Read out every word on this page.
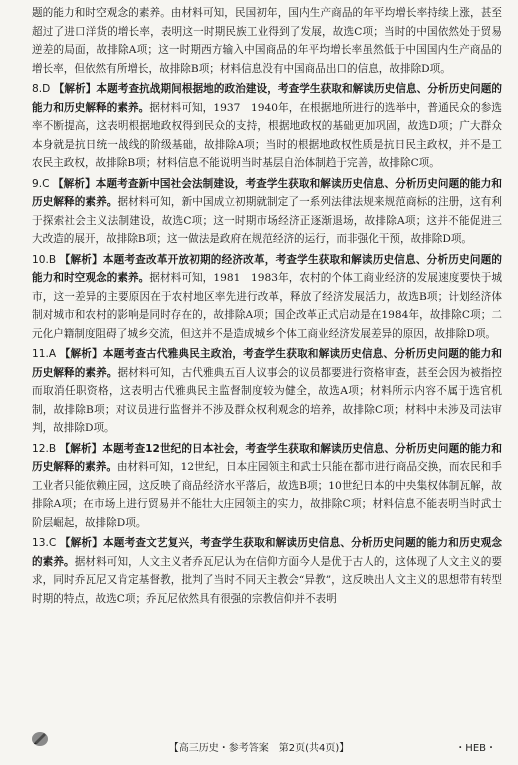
题的能力和时空观念的素养。由材料可知，民国初年，国内生产商品的年平均增长率持续上涨，甚至超过了进口洋货的增长率，表明这一时期民族工业得到了发展，故选C项；当时的中国依然处于贸易逆差的局面，故排除A项；这一时期西方输入中国商品的年平均增长率虽然低于中国国内生产商品的增长率，但依然有所增长，故排除B项；材料信息没有中国商品出口的信息，故排除D项。

8.D 【解析】本题考查抗战期间根据地的政治建设，考查学生获取和解读历史信息、分析历史问题的能力和历史解释的素养。据材料可知，1937　1940年，在根据地所进行的选举中，普通民众的参选率不断提高，这表明根据地政权得到民众的支持，根据地政权的基础更加巩固，故选D项；广大群众本身就是抗日统一战线的阶级基础，故排除A项；当时的根据地政权性质是抗日民主政权，并不是工农民主政权，故排除B项；材料信息不能说明当时基层自治体制趋于完善，故排除C项。

9.C 【解析】本题考查新中国社会法制建设，考查学生获取和解读历史信息、分析历史问题的能力和历史解释的素养。据材料可知，新中国成立初期就制定了一系列法律法规来规范商标的注册，这有利于探索社会主义法制建设，故选C项；这一时期市场经济正逐渐退场，故排除A项；这并不能促进三大改造的展开，故排除B项；这一做法是政府在规范经济的运行，而非强化干预，故排除D项。

10.B 【解析】本题考查改革开放初期的经济改革，考查学生获取和解读历史信息、分析历史问题的能力和时空观念的素养。据材料可知，1981　1983年，农村的个体工商业经济的发展速度要快于城市，这一差异的主要原因在于农村地区率先进行改革，释放了经济发展活力，故选B项；计划经济体制对城市和农村的影响是同时存在的，故排除A项；国企改革正式启动是在1984年，故排除C项；二元化户籍制度阻碍了城乡交流，但这并不是造成城乡个体工商业经济发展差异的原因，故排除D项。

11.A 【解析】本题考查古代雅典民主政治，考查学生获取和解读历史信息、分析历史问题的能力和历史解释的素养。据材料可知，古代雅典五百人议事会的议员都要进行资格审查，甚至会因为被指控而取消任职资格，这表明古代雅典民主监督制度较为健全，故选A项；材料所示内容不属于选官机制，故排除B项；对议员进行监督并不涉及群众权利观念的培养，故排除C项；材料中未涉及司法审判，故排除D项。

12.B 【解析】本题考查12世纪的日本社会，考查学生获取和解读历史信息、分析历史问题的能力和历史解释的素养。由材料可知，12世纪，日本庄园领主和武士只能在都市进行商品交换，而农民和手工业者只能依赖庄园，这反映了商品经济水平落后，故选B项；10世纪日本的中央集权体制瓦解，故排除A项；在市场上进行贸易并不能壮大庄园领主的实力，故排除C项；材料信息不能表明当时武士阶层崛起，故排除D项。

13.C 【解析】本题考查文艺复兴，考查学生获取和解读历史信息、分析历史问题的能力和历史观念的素养。据材料可知，人文主义者乔瓦尼认为在信仰方面今人是优于古人的，这体现了人文主义的要求，同时乔瓦尼又肯定基督教，批判了当时不同天主教会“异教”，这反映出人文主义的思想带有转型时期的特点，故选C项；乔瓦尼依然具有很强的宗教信仰并不表明

【高三历史・参考答案　第2页(共4页)】	・HEB・
